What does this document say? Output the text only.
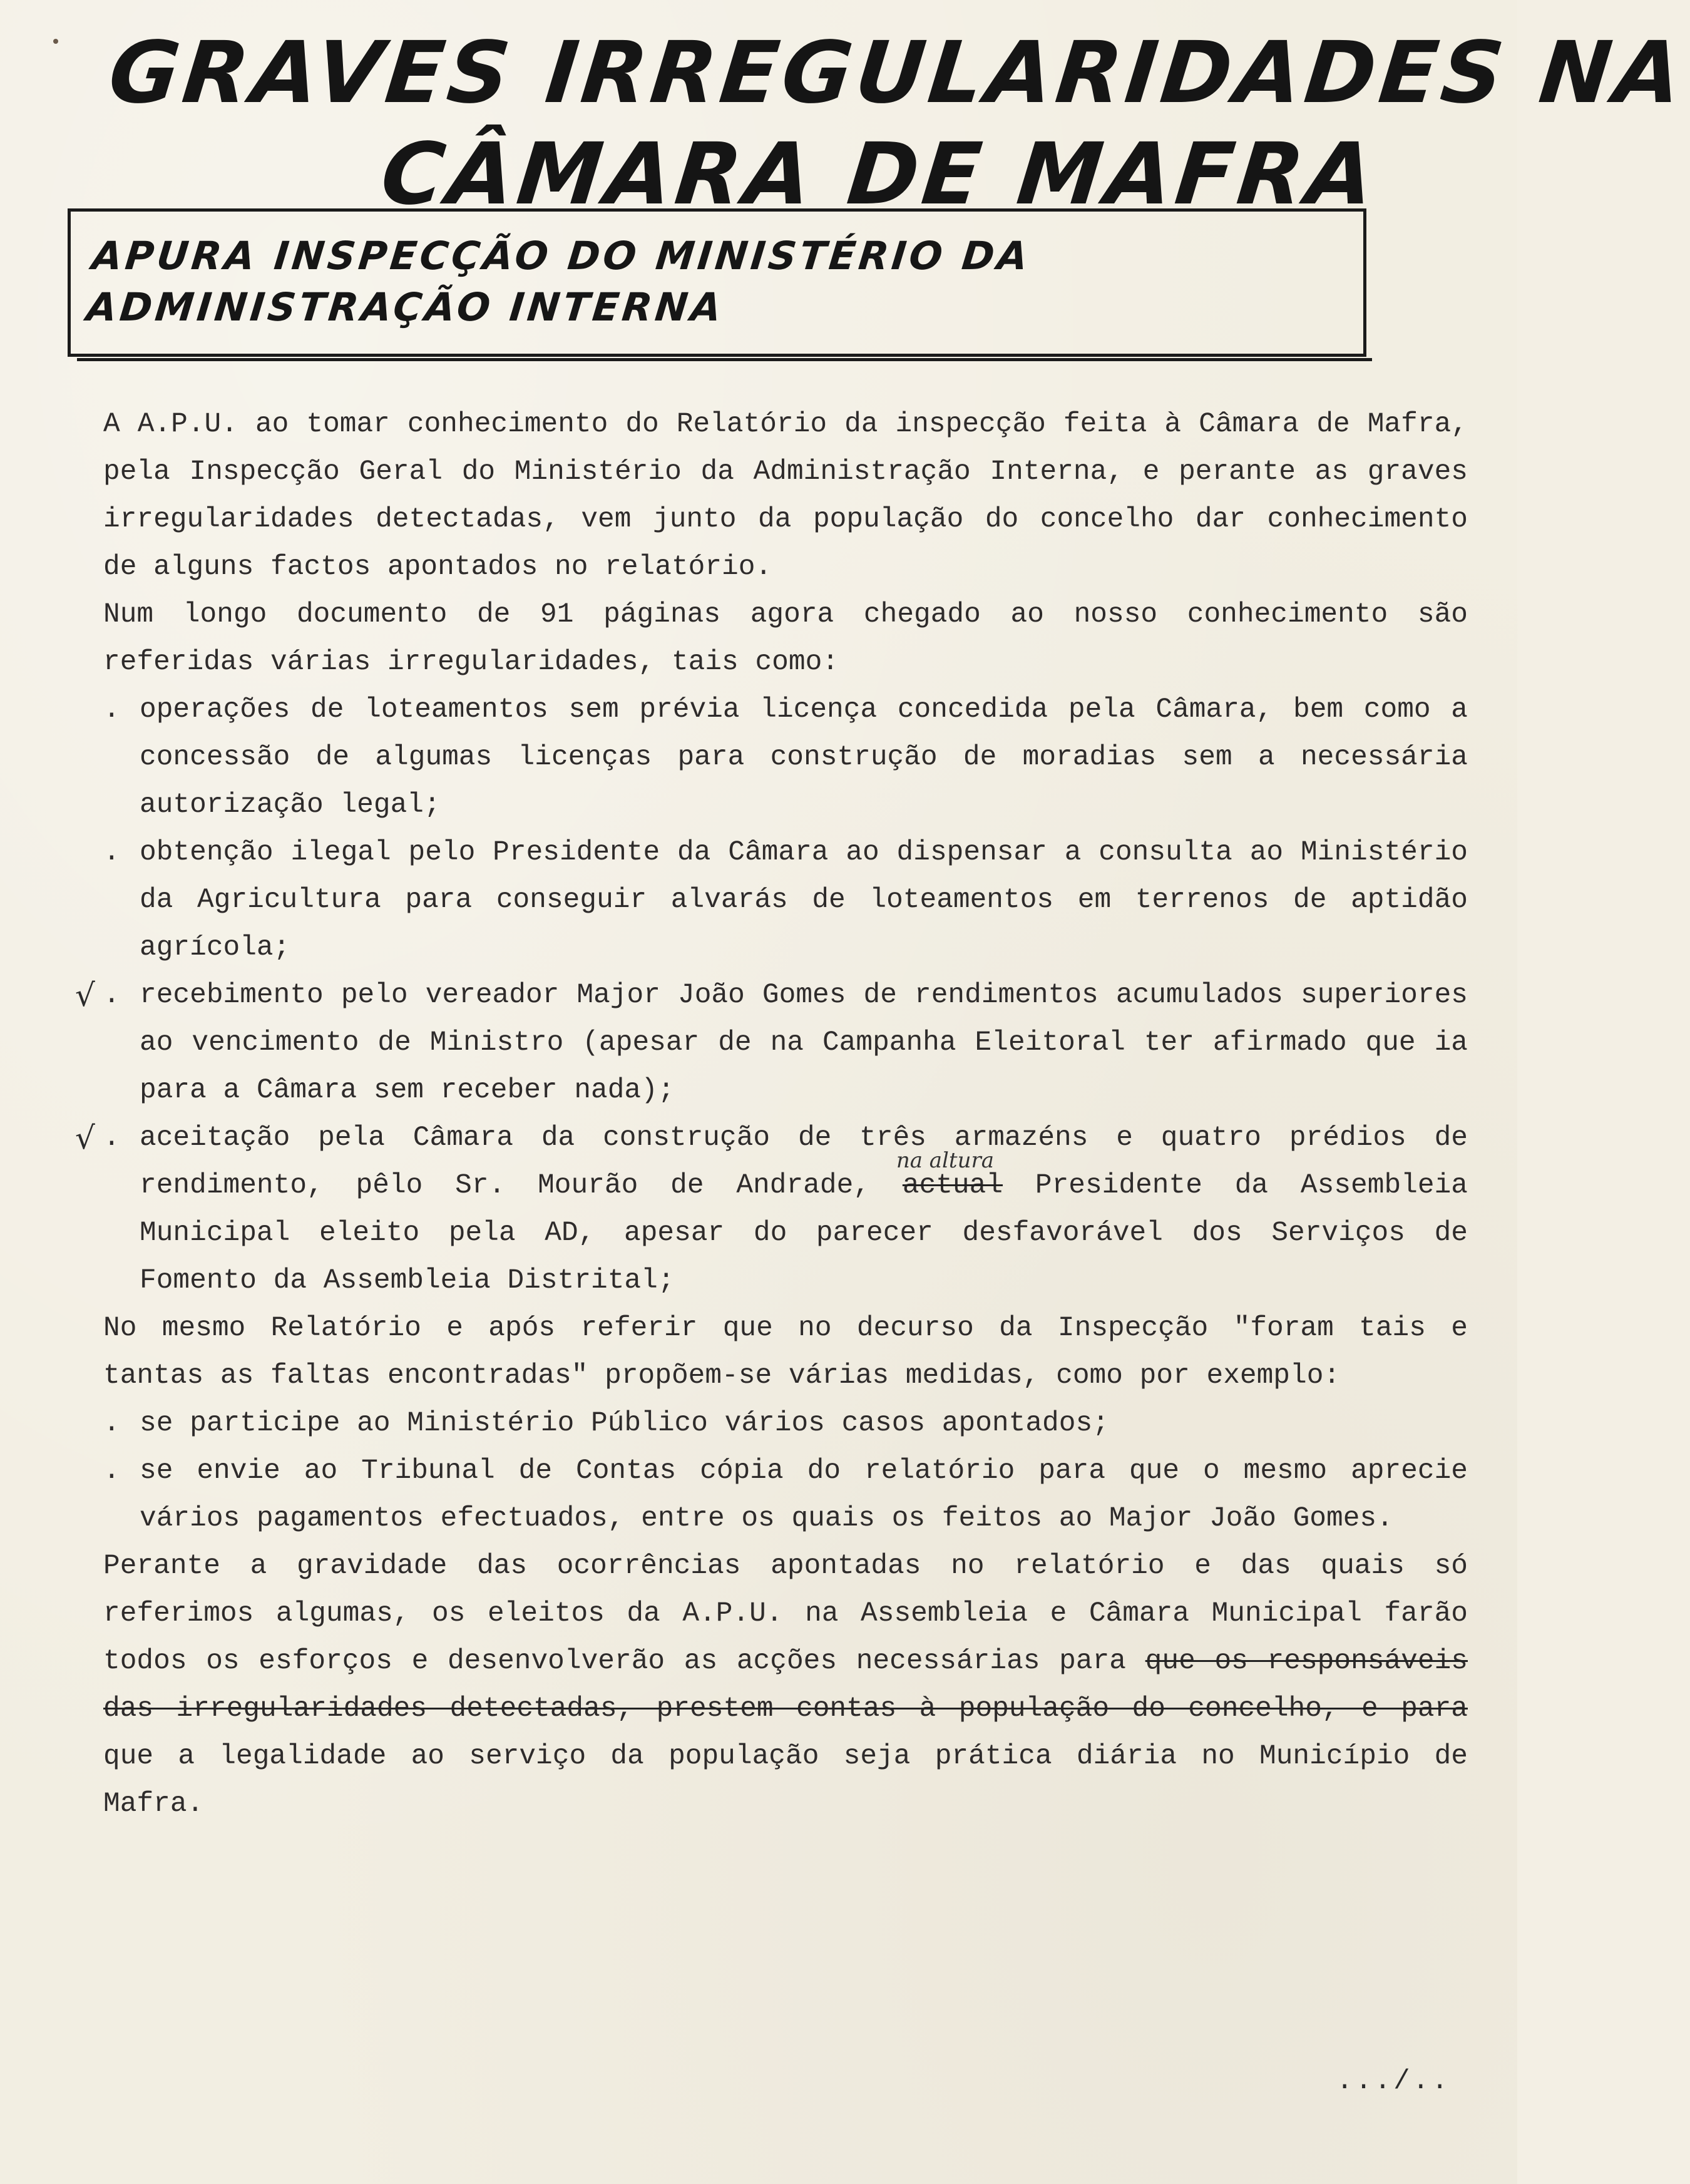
GRAVES IRREGULARIDADES NA
CÂMARA DE MAFRA

APURA INSPECÇÃO DO MINISTÉRIO DA ADMINISTRAÇÃO INTERNA

A A.P.U. ao tomar conhecimento do Relatório da inspecção feita à Câmara de Mafra, pela Inspecção Geral do Ministério da Administração Interna, e perante as graves irregularidades detectadas, vem junto da população do concelho dar conhecimento de alguns factos apontados no relatório.

Num longo documento de 91 páginas agora chegado ao nosso conhecimento são referidas várias irregularidades, tais como:

. operações de loteamentos sem prévia licença concedida pela Câmara, bem como a concessão de algumas licenças para construção de moradias sem a necessária autorização legal;
. obtenção ilegal pelo Presidente da Câmara ao dispensar a consulta ao Ministério da Agricultura para conseguir alvarás de loteamentos em terrenos de aptidão agrícola;
√ . recebimento pelo vereador Major João Gomes de rendimentos acumulados superiores ao vencimento de Ministro (apesar de na Campanha Eleitoral ter afirmado que ia para a Câmara sem receber nada);
√ . aceitação pela Câmara da construção de três armazéns e quatro prédios de rendimento, pêlo Sr. Mourão de Andrade,
na altura
actual Presidente da Assembleia Municipal eleito pela AD, apesar do parecer desfavorável dos Serviços de Fomento da Assembleia Distrital;

No mesmo Relatório e após referir que no decurso da Inspecção "foram tais e tantas as faltas encontradas" propõem-se várias medidas, como por exemplo:

. se participe ao Ministério Público vários casos apontados;
. se envie ao Tribunal de Contas cópia do relatório para que o mesmo aprecie vários pagamentos efectuados, entre os quais os feitos ao Major João Gomes.

Perante a gravidade das ocorrências apontadas no relatório e das quais só referimos algumas, os eleitos da A.P.U. na Assembleia e Câmara Municipal farão todos os esforços e desenvolverão as acções necessárias para que os responsáveis das irregularidades detectadas, prestem contas à população do concelho, e para que a legalidade ao serviço da população seja prática diária no Município de Mafra.

.../..
